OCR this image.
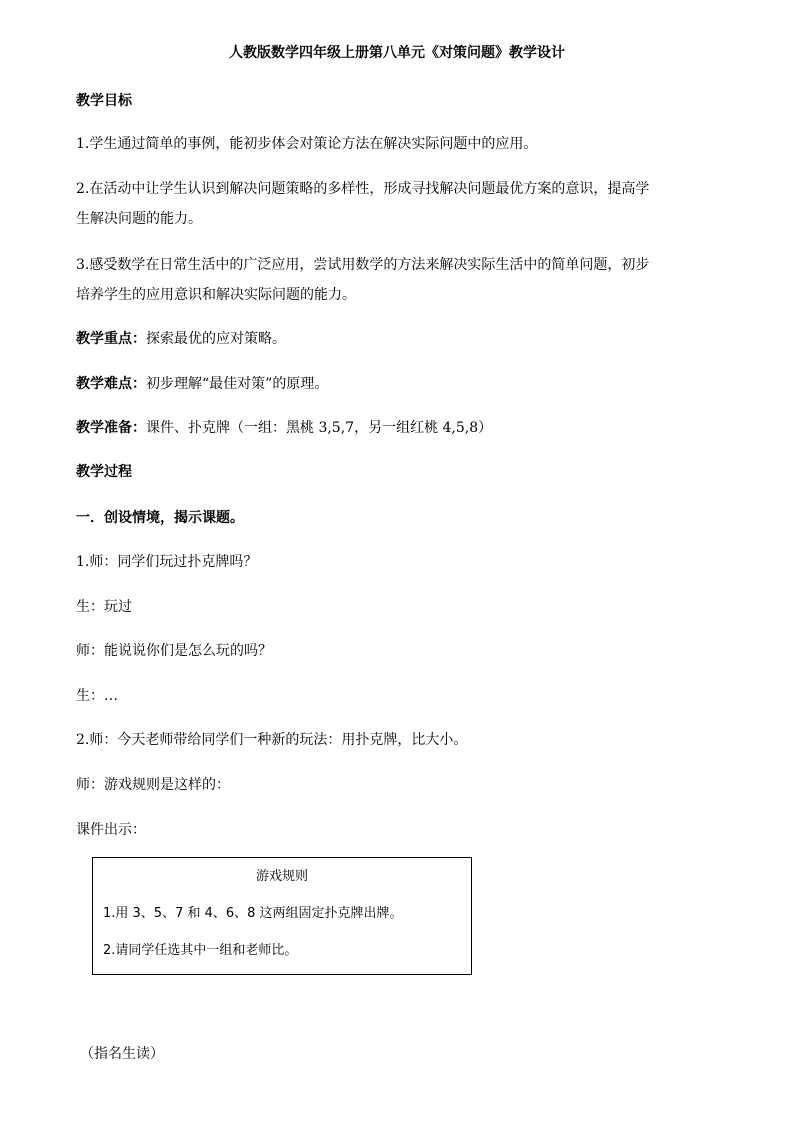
人教版数学四年级上册第八单元《对策问题》教学设计
教学目标
1.学生通过简单的事例，能初步体会对策论方法在解决实际问题中的应用。
2.在活动中让学生认识到解决问题策略的多样性，形成寻找解决问题最优方案的意识，提高学
生解决问题的能力。
3.感受数学在日常生活中的广泛应用，尝试用数学的方法来解决实际生活中的简单问题，初步
培养学生的应用意识和解决实际问题的能力。
教学重点：探索最优的应对策略。
教学难点：初步理解“最佳对策”的原理。
教学准备：课件、扑克牌（一组：黑桃 3,5,7，另一组红桃 4,5,8）
教学过程
一．创设情境，揭示课题。
1.师：同学们玩过扑克牌吗？
生：玩过
师：能说说你们是怎么玩的吗？
生：…
2.师：今天老师带给同学们一种新的玩法：用扑克牌，比大小。
师：游戏规则是这样的：
课件出示：
游戏规则
1.用 3、5、7 和 4、6、8 这两组固定扑克牌出牌。
2.请同学任选其中一组和老师比。
（指名生读）
